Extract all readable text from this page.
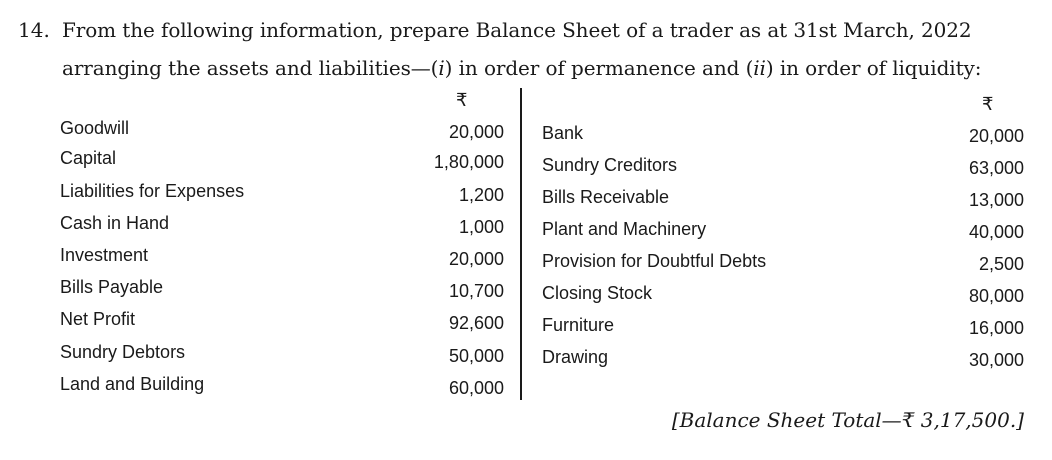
14. From the following information, prepare Balance Sheet of a trader as at 31st March, 2022
arranging the assets and liabilities—(i) in order of permanence and (ii) in order of liquidity:
₹	₹
Goodwill	20,000
Capital	1,80,000
Liabilities for Expenses	1,200
Cash in Hand	1,000
Investment	20,000
Bills Payable	10,700
Net Profit	92,600
Sundry Debtors	50,000
Land and Building	60,000
Bank	20,000
Sundry Creditors	63,000
Bills Receivable	13,000
Plant and Machinery	40,000
Provision for Doubtful Debts	2,500
Closing Stock	80,000
Furniture	16,000
Drawing	30,000
[Balance Sheet Total—₹ 3,17,500.]
